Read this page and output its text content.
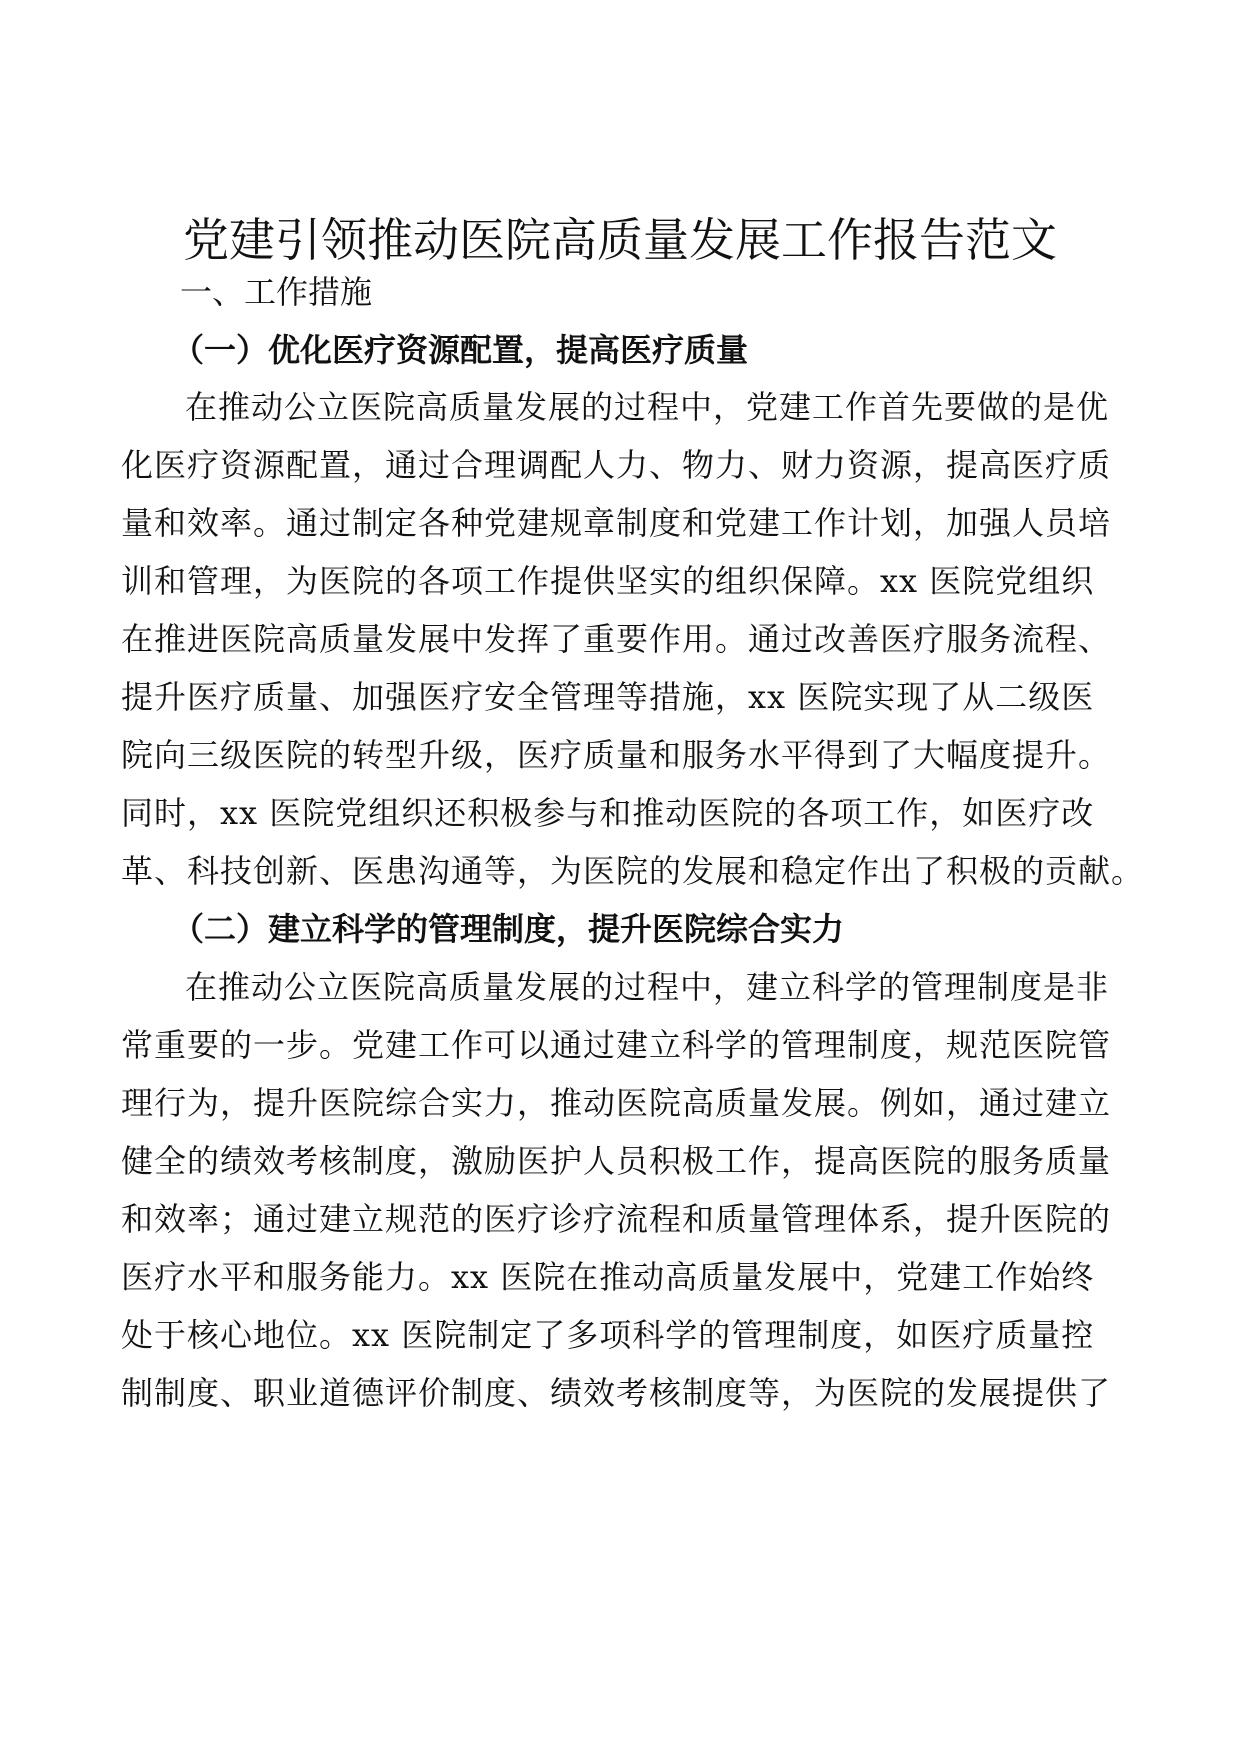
党建引领推动医院高质量发展工作报告范文
一、工作措施
（一）优化医疗资源配置，提高医疗质量
在推动公立医院高质量发展的过程中，党建工作首先要做的是优
化医疗资源配置，通过合理调配人力、物力、财力资源，提高医疗质
量和效率。通过制定各种党建规章制度和党建工作计划，加强人员培
训和管理，为医院的各项工作提供坚实的组织保障。xx 医院党组织
在推进医院高质量发展中发挥了重要作用。通过改善医疗服务流程、
提升医疗质量、加强医疗安全管理等措施，xx 医院实现了从二级医
院向三级医院的转型升级，医疗质量和服务水平得到了大幅度提升。
同时，xx 医院党组织还积极参与和推动医院的各项工作，如医疗改
革、科技创新、医患沟通等，为医院的发展和稳定作出了积极的贡献。
（二）建立科学的管理制度，提升医院综合实力
在推动公立医院高质量发展的过程中，建立科学的管理制度是非
常重要的一步。党建工作可以通过建立科学的管理制度，规范医院管
理行为，提升医院综合实力，推动医院高质量发展。例如，通过建立
健全的绩效考核制度，激励医护人员积极工作，提高医院的服务质量
和效率；通过建立规范的医疗诊疗流程和质量管理体系，提升医院的
医疗水平和服务能力。xx 医院在推动高质量发展中，党建工作始终
处于核心地位。xx 医院制定了多项科学的管理制度，如医疗质量控
制制度、职业道德评价制度、绩效考核制度等，为医院的发展提供了
